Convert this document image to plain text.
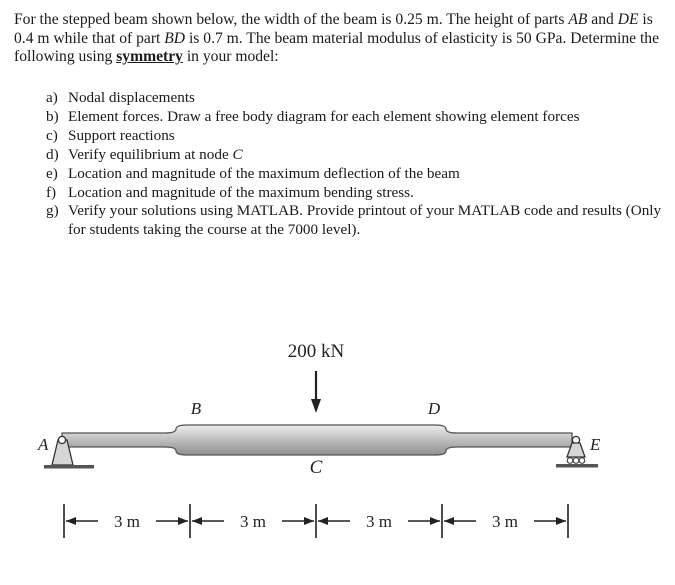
For the stepped beam shown below, the width of the beam is 0.25 m. The height of parts AB and DE is 0.4 m while that of part BD is 0.7 m. The beam material modulus of elasticity is 50 GPa. Determine the following using symmetry in your model:
a) Nodal displacements
b) Element forces. Draw a free body diagram for each element showing element forces
c) Support reactions
d) Verify equilibrium at node C
e) Location and magnitude of the maximum deflection of the beam
f) Location and magnitude of the maximum bending stress.
g) Verify your solutions using MATLAB. Provide printout of your MATLAB code and results (Only for students taking the course at the 7000 level).
200 kN
A
B
C
D
E
3 m	3 m	3 m	3 m
